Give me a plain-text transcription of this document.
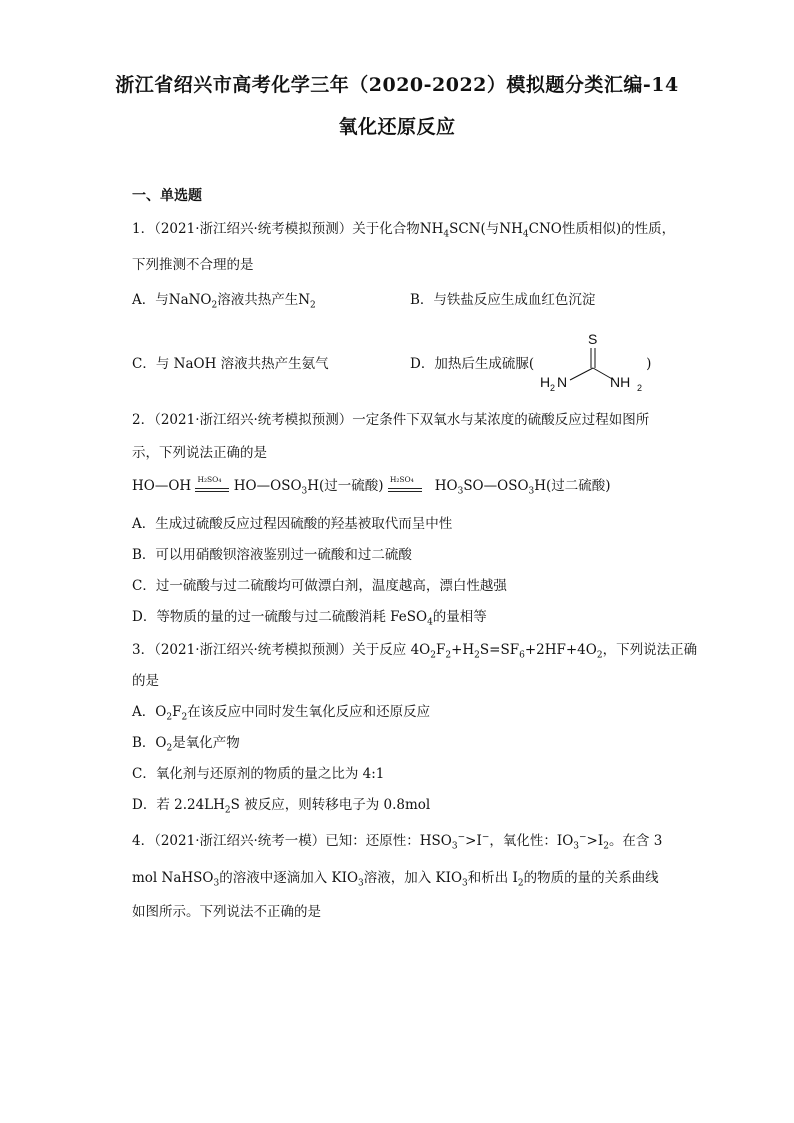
浙江省绍兴市高考化学三年（2020-2022）模拟题分类汇编-14
氧化还原反应
一、单选题
1．（2021·浙江绍兴·统考模拟预测）关于化合物$NH_4SCN$(与$NH_4CNO$性质相似)的性质，
下列推测不合理的是
A．与NaNO$_2$溶液共热产生$N_2$	B．与铁盐反应生成血红色沉淀
C．与 NaOH 溶液共热产生氨气	D．加热后生成硫脲(	)
S
H 2 N	NH 2
2．（2021·浙江绍兴·统考模拟预测）一定条件下双氧水与某浓度的硫酸反应过程如图所
示，下列说法正确的是
HO—OH H₂SO₄ $HO—OSO_3H$(过一硫酸) H₂SO₄ $HO_3SO—OSO_3H$(过二硫酸)
A．生成过硫酸反应过程因硫酸的羟基被取代而呈中性
B．可以用硝酸钡溶液鉴别过一硫酸和过二硫酸
C．过一硫酸与过二硫酸均可做漂白剂，温度越高，漂白性越强
D．等物质的量的过一硫酸与过二硫酸消耗 FeSO$_4$的量相等
3．（2021·浙江绍兴·统考模拟预测）关于反应 $4O_2F_2+H_2S=SF_6+2HF+4O_2$，下列说法正确
的是
A．$O_2F_2$在该反应中同时发生氧化反应和还原反应
B．$O_2$是氧化产物
C．氧化剂与还原剂的物质的量之比为 4:1
D．若 $2.24LH_2S$ 被反应，则转移电子为 0.8mol
4．（2021·浙江绍兴·统考一模）已知：还原性：$HSO_3^->I^-$，氧化性：$IO_3^->I_2$。在含 3
mol NaHSO$_3$的溶液中逐滴加入 $KIO_3$溶液，加入 $KIO_3$和析出 $I_2$的物质的量的关系曲线
如图所示。下列说法不正确的是
